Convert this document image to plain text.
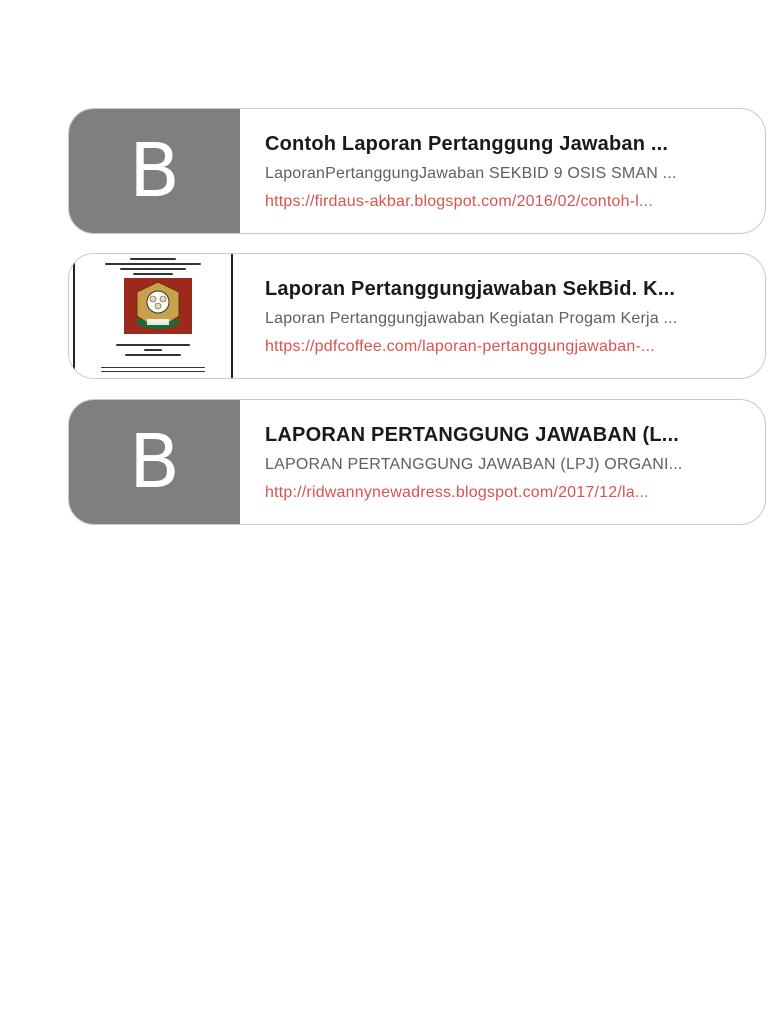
B	Contoh Laporan Pertanggung Jawaban ...
LaporanPertanggungJawaban SEKBID 9 OSIS SMAN ...
https://firdaus-akbar.blogspot.com/2016/02/contoh-l...
Laporan Pertanggungjawaban SekBid. K...
Laporan Pertanggungjawaban Kegiatan Progam Kerja ...
https://pdfcoffee.com/laporan-pertanggungjawaban-...
B	LAPORAN PERTANGGUNG JAWABAN (L...
LAPORAN PERTANGGUNG JAWABAN (LPJ) ORGANI...
http://ridwannynewadress.blogspot.com/2017/12/la...
